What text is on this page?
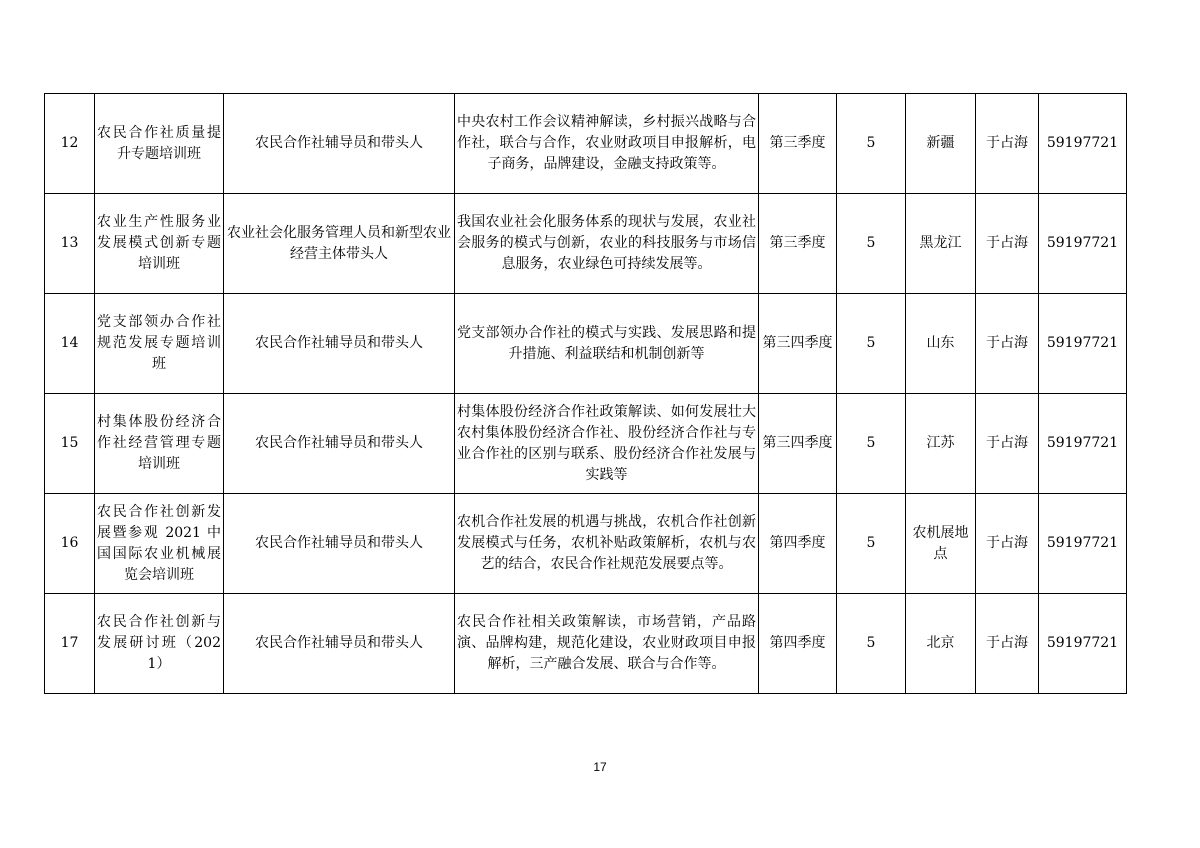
12	农民合作社质量提升专题培训班	农民合作社辅导员和带头人	中央农村工作会议精神解读，乡村振兴战略与合作社，联合与合作，农业财政项目申报解析，电子商务，品牌建设，金融支持政策等。	第三季度	5	新疆	于占海	59197721
13	农业生产性服务业发展模式创新专题培训班	农业社会化服务管理人员和新型农业经营主体带头人	我国农业社会化服务体系的现状与发展，农业社会服务的模式与创新，农业的科技服务与市场信息服务，农业绿色可持续发展等。	第三季度	5	黑龙江	于占海	59197721
14	党支部领办合作社规范发展专题培训班	农民合作社辅导员和带头人	党支部领办合作社的模式与实践、发展思路和提升措施、利益联结和机制创新等	第三四季度	5	山东	于占海	59197721
15	村集体股份经济合作社经营管理专题培训班	农民合作社辅导员和带头人	村集体股份经济合作社政策解读、如何发展壮大农村集体股份经济合作社、股份经济合作社与专业合作社的区别与联系、股份经济合作社发展与实践等	第三四季度	5	江苏	于占海	59197721
16	农民合作社创新发展暨参观 2021 中国国际农业机械展览会培训班	农民合作社辅导员和带头人	农机合作社发展的机遇与挑战，农机合作社创新发展模式与任务，农机补贴政策解析，农机与农艺的结合，农民合作社规范发展要点等。	第四季度	5	农机展地点	于占海	59197721
17	农民合作社创新与发展研讨班（2021）	农民合作社辅导员和带头人	农民合作社相关政策解读，市场营销，产品路演、品牌构建，规范化建设，农业财政项目申报解析，三产融合发展、联合与合作等。	第四季度	5	北京	于占海	59197721
17
